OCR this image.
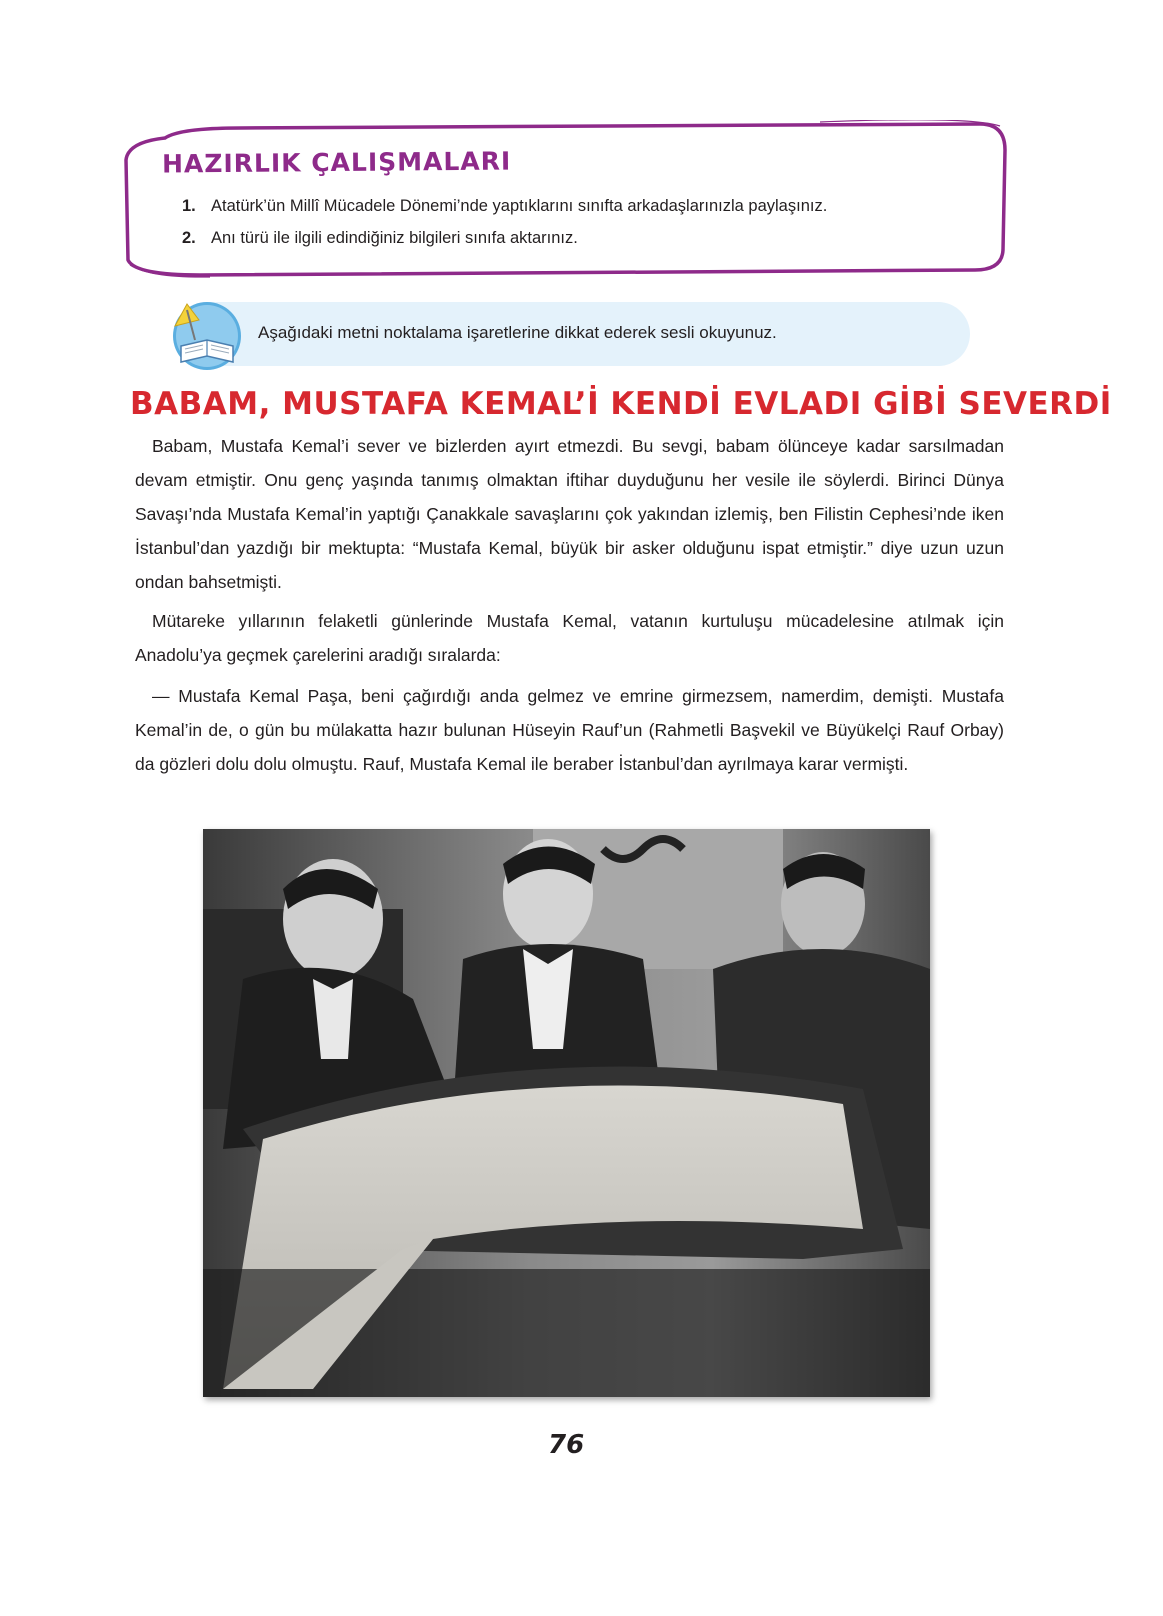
HAZIRLIK ÇALIŞMALARI
1. Atatürk’ün Millî Mücadele Dönemi’nde yaptıklarını sınıfta arkadaşlarınızla paylaşınız.
2. Anı türü ile ilgili edindiğiniz bilgileri sınıfa aktarınız.
Aşağıdaki metni noktalama işaretlerine dikkat ederek sesli okuyunuz.
BABAM, MUSTAFA KEMAL’İ KENDİ EVLADI GİBİ SEVERDİ
Babam, Mustafa Kemal’i sever ve bizlerden ayırt etmezdi. Bu sevgi, babam ölünceye kadar sarsılmadan devam etmiştir. Onu genç yaşında tanımış olmaktan iftihar duyduğunu her vesile ile söylerdi. Birinci Dünya Savaşı’nda Mustafa Kemal’in yaptığı Çanakkale savaşlarını çok yakından izlemiş, ben Filistin Cephesi’nde iken İstanbul’dan yazdığı bir mektupta: “Mustafa Kemal, büyük bir asker olduğunu ispat etmiştir.” diye uzun uzun ondan bahsetmişti.
Mütareke yıllarının felaketli günlerinde Mustafa Kemal, vatanın kurtuluşu mücadelesine atılmak için Anadolu’ya geçmek çarelerini aradığı sıralarda:
— Mustafa Kemal Paşa, beni çağırdığı anda gelmez ve emrine girmezsem, namerdim, demişti. Mustafa Kemal’in de, o gün bu mülakatta hazır bulunan Hüseyin Rauf’un (Rahmetli Başvekil ve Büyükelçi Rauf Orbay) da gözleri dolu dolu olmuştu. Rauf, Mustafa Kemal ile beraber İstanbul’dan ayrılmaya karar vermişti.
76
